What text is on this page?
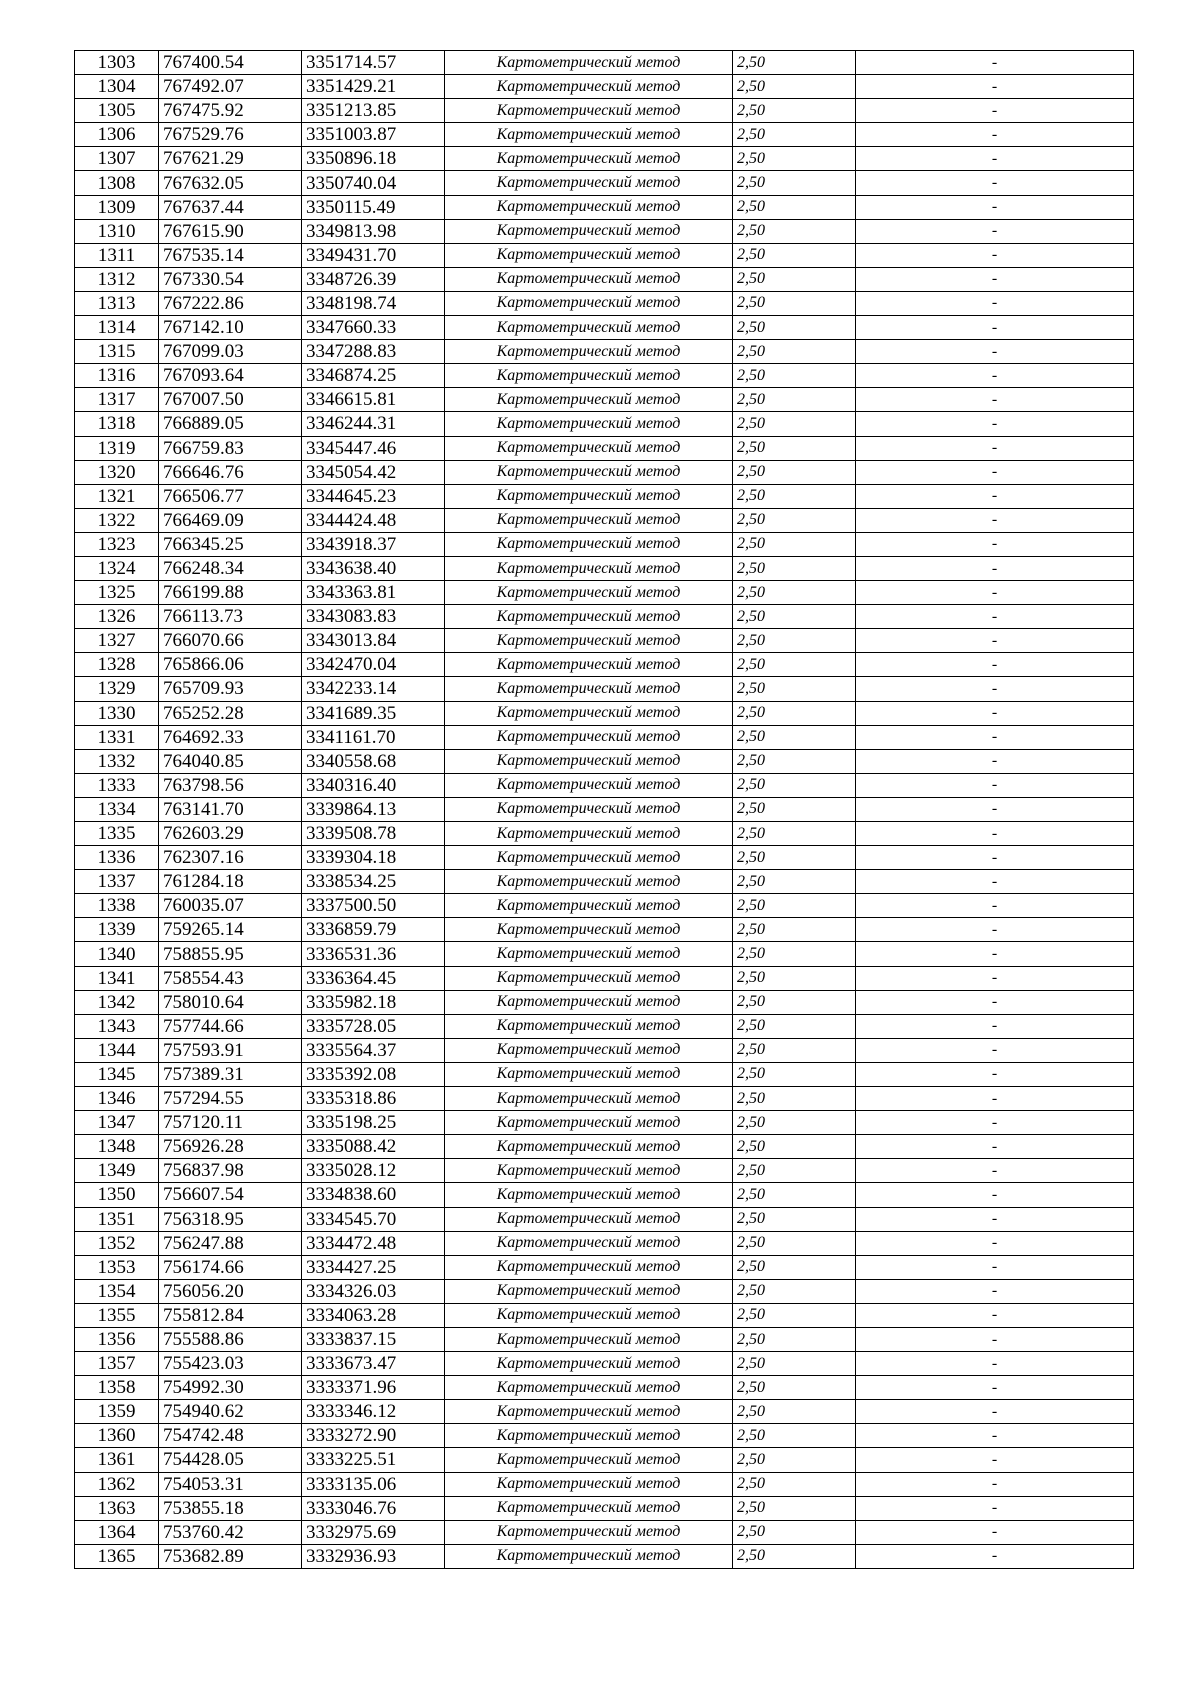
1303	767400.54	3351714.57	Картометрический метод	2,50	-
1304	767492.07	3351429.21	Картометрический метод	2,50	-
1305	767475.92	3351213.85	Картометрический метод	2,50	-
1306	767529.76	3351003.87	Картометрический метод	2,50	-
1307	767621.29	3350896.18	Картометрический метод	2,50	-
1308	767632.05	3350740.04	Картометрический метод	2,50	-
1309	767637.44	3350115.49	Картометрический метод	2,50	-
1310	767615.90	3349813.98	Картометрический метод	2,50	-
1311	767535.14	3349431.70	Картометрический метод	2,50	-
1312	767330.54	3348726.39	Картометрический метод	2,50	-
1313	767222.86	3348198.74	Картометрический метод	2,50	-
1314	767142.10	3347660.33	Картометрический метод	2,50	-
1315	767099.03	3347288.83	Картометрический метод	2,50	-
1316	767093.64	3346874.25	Картометрический метод	2,50	-
1317	767007.50	3346615.81	Картометрический метод	2,50	-
1318	766889.05	3346244.31	Картометрический метод	2,50	-
1319	766759.83	3345447.46	Картометрический метод	2,50	-
1320	766646.76	3345054.42	Картометрический метод	2,50	-
1321	766506.77	3344645.23	Картометрический метод	2,50	-
1322	766469.09	3344424.48	Картометрический метод	2,50	-
1323	766345.25	3343918.37	Картометрический метод	2,50	-
1324	766248.34	3343638.40	Картометрический метод	2,50	-
1325	766199.88	3343363.81	Картометрический метод	2,50	-
1326	766113.73	3343083.83	Картометрический метод	2,50	-
1327	766070.66	3343013.84	Картометрический метод	2,50	-
1328	765866.06	3342470.04	Картометрический метод	2,50	-
1329	765709.93	3342233.14	Картометрический метод	2,50	-
1330	765252.28	3341689.35	Картометрический метод	2,50	-
1331	764692.33	3341161.70	Картометрический метод	2,50	-
1332	764040.85	3340558.68	Картометрический метод	2,50	-
1333	763798.56	3340316.40	Картометрический метод	2,50	-
1334	763141.70	3339864.13	Картометрический метод	2,50	-
1335	762603.29	3339508.78	Картометрический метод	2,50	-
1336	762307.16	3339304.18	Картометрический метод	2,50	-
1337	761284.18	3338534.25	Картометрический метод	2,50	-
1338	760035.07	3337500.50	Картометрический метод	2,50	-
1339	759265.14	3336859.79	Картометрический метод	2,50	-
1340	758855.95	3336531.36	Картометрический метод	2,50	-
1341	758554.43	3336364.45	Картометрический метод	2,50	-
1342	758010.64	3335982.18	Картометрический метод	2,50	-
1343	757744.66	3335728.05	Картометрический метод	2,50	-
1344	757593.91	3335564.37	Картометрический метод	2,50	-
1345	757389.31	3335392.08	Картометрический метод	2,50	-
1346	757294.55	3335318.86	Картометрический метод	2,50	-
1347	757120.11	3335198.25	Картометрический метод	2,50	-
1348	756926.28	3335088.42	Картометрический метод	2,50	-
1349	756837.98	3335028.12	Картометрический метод	2,50	-
1350	756607.54	3334838.60	Картометрический метод	2,50	-
1351	756318.95	3334545.70	Картометрический метод	2,50	-
1352	756247.88	3334472.48	Картометрический метод	2,50	-
1353	756174.66	3334427.25	Картометрический метод	2,50	-
1354	756056.20	3334326.03	Картометрический метод	2,50	-
1355	755812.84	3334063.28	Картометрический метод	2,50	-
1356	755588.86	3333837.15	Картометрический метод	2,50	-
1357	755423.03	3333673.47	Картометрический метод	2,50	-
1358	754992.30	3333371.96	Картометрический метод	2,50	-
1359	754940.62	3333346.12	Картометрический метод	2,50	-
1360	754742.48	3333272.90	Картометрический метод	2,50	-
1361	754428.05	3333225.51	Картометрический метод	2,50	-
1362	754053.31	3333135.06	Картометрический метод	2,50	-
1363	753855.18	3333046.76	Картометрический метод	2,50	-
1364	753760.42	3332975.69	Картометрический метод	2,50	-
1365	753682.89	3332936.93	Картометрический метод	2,50	-
